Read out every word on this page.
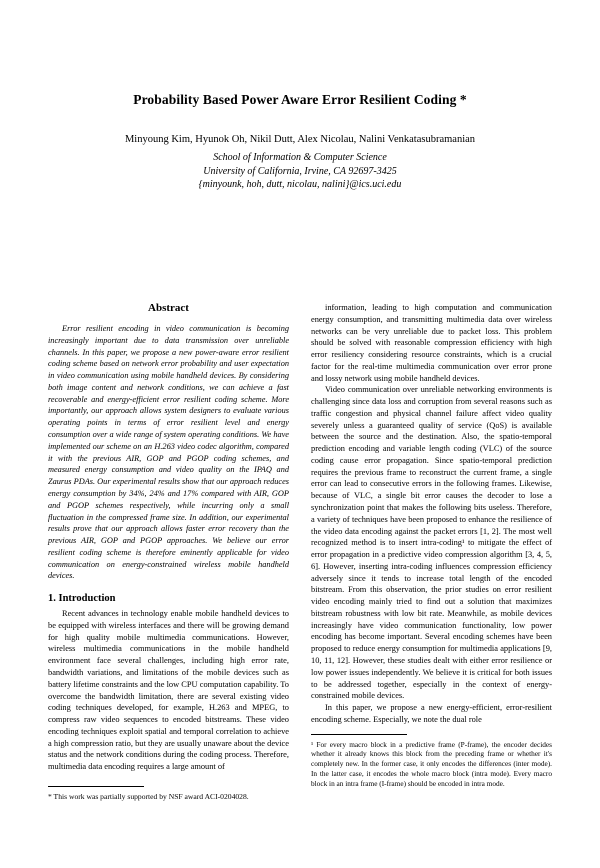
Probability Based Power Aware Error Resilient Coding *
Minyoung Kim, Hyunok Oh, Nikil Dutt, Alex Nicolau, Nalini Venkatasubramanian
School of Information & Computer Science
University of California, Irvine, CA 92697-3425
{minyounk, hoh, dutt, nicolau, nalini}@ics.uci.edu
Abstract

Error resilient encoding in video communication is becoming increasingly important due to data transmission over unreliable channels. In this paper, we propose a new power-aware error resilient coding scheme based on network error probability and user expectation in video communication using mobile handheld devices. By considering both image content and network conditions, we can achieve a fast recoverable and energy-efficient error resilient coding scheme. More importantly, our approach allows system designers to evaluate various operating points in terms of error resilient level and energy consumption over a wide range of system operating conditions. We have implemented our scheme on an H.263 video codec algorithm, compared it with the previous AIR, GOP and PGOP coding schemes, and measured energy consumption and video quality on the IPAQ and Zaurus PDAs. Our experimental results show that our approach reduces energy consumption by 34%, 24% and 17% compared with AIR, GOP and PGOP schemes respectively, while incurring only a small fluctuation in the compressed frame size. In addition, our experimental results prove that our approach allows faster error recovery than the previous AIR, GOP and PGOP approaches. We believe our error resilient coding scheme is therefore eminently applicable for video communication on energy-constrained wireless mobile handheld devices.

1. Introduction

Recent advances in technology enable mobile handheld devices to be equipped with wireless interfaces and there will be growing demand for high quality mobile multimedia communications. However, wireless multimedia communications in the mobile handheld environment face several challenges, including high error rate, bandwidth variations, and limitations of the mobile devices such as battery lifetime constraints and the low CPU computation capability. To overcome the bandwidth limitation, there are several existing video coding techniques developed, for example, H.263 and MPEG, to compress raw video sequences to encoded bitstreams. These video encoding techniques exploit spatial and temporal correlation to achieve a high compression ratio, but they are usually unaware about the device status and the network conditions during the coding process. Therefore, multimedia data encoding requires a large amount of

* This work was partially supported by NSF award ACI-0204028.

information, leading to high computation and communication energy consumption, and transmitting multimedia data over wireless networks can be very unreliable due to packet loss. This problem should be solved with reasonable compression efficiency with high error resiliency considering resource constraints, which is a crucial factor for the real-time multimedia communication over error prone and lossy network using mobile handheld devices.

Video communication over unreliable networking environments is challenging since data loss and corruption from several reasons such as traffic congestion and physical channel failure affect video quality severely unless a guaranteed quality of service (QoS) is available between the source and the destination. Also, the spatio-temporal prediction encoding and variable length coding (VLC) of the source coding cause error propagation. Since spatio-temporal prediction requires the previous frame to reconstruct the current frame, a single error can lead to consecutive errors in the following frames. Likewise, because of VLC, a single bit error causes the decoder to lose a synchronization point that makes the following bits useless. Therefore, a variety of techniques have been proposed to enhance the resilience of the video data encoding against the packet errors [1, 2]. The most well recognized method is to insert intra-coding¹ to mitigate the effect of error propagation in a predictive video compression algorithm [3, 4, 5, 6]. However, inserting intra-coding influences compression efficiency adversely since it tends to increase total length of the encoded bitstream. From this observation, the prior studies on error resilient video encoding mainly tried to find out a solution that maximizes bitstream robustness with low bit rate. Meanwhile, as mobile devices increasingly have video communication functionality, low power encoding has become important. Several encoding schemes have been proposed to reduce energy consumption for multimedia applications [9, 10, 11, 12]. However, these studies dealt with either error resilience or low power issues independently. We believe it is critical for both issues to be addressed together, especially in the context of energy-constrained mobile devices.

In this paper, we propose a new energy-efficient, error-resilient encoding scheme. Especially, we note the dual role

¹ For every macro block in a predictive frame (P-frame), the encoder decides whether it already knows this block from the preceding frame or whether it's completely new. In the former case, it only encodes the differences (inter mode). In the latter case, it encodes the whole macro block (intra mode). Every macro block in an intra frame (I-frame) should be encoded in intra mode.
